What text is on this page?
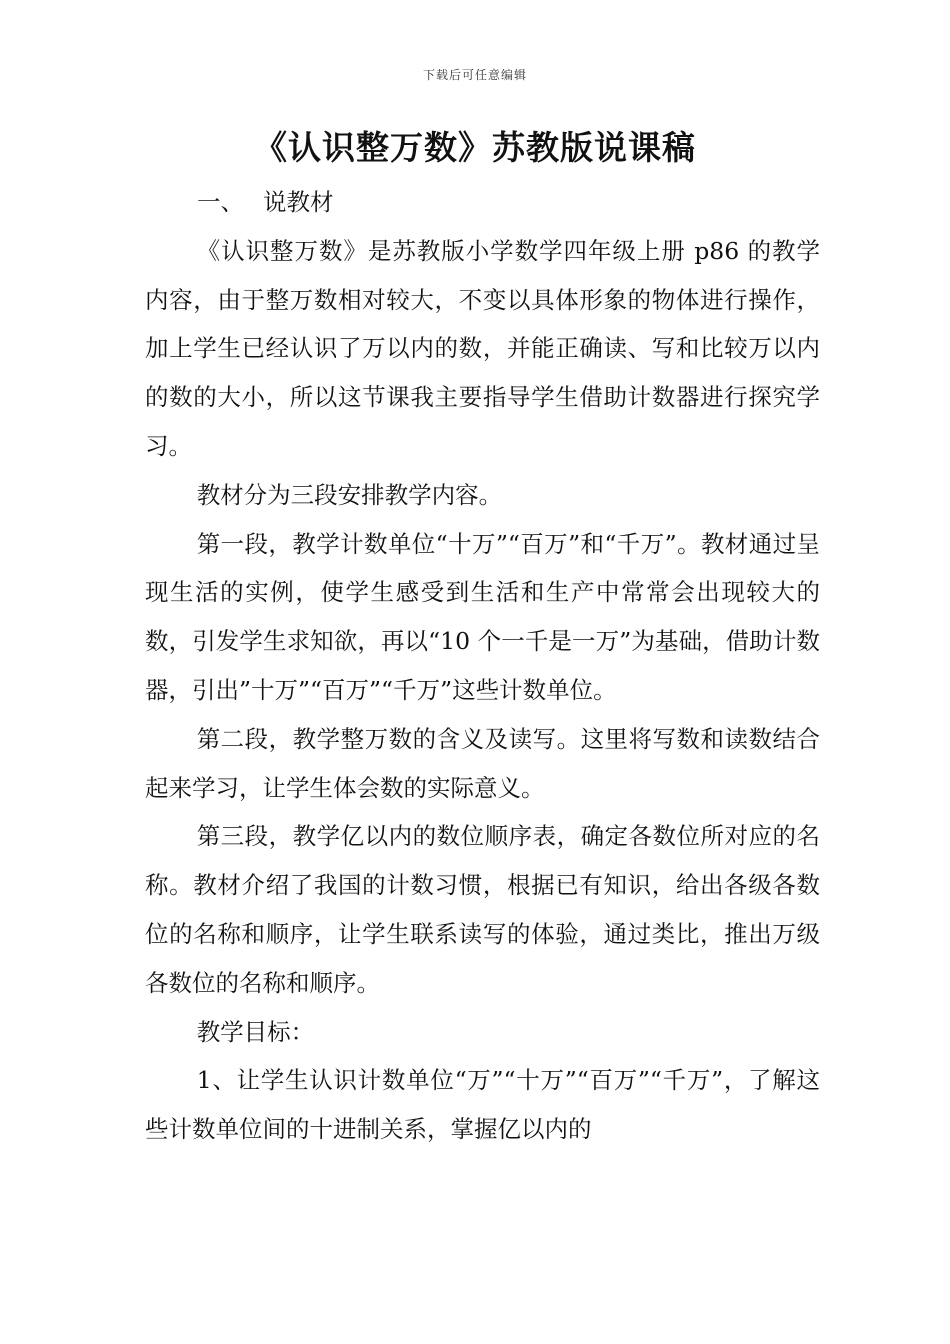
下载后可任意编辑
《认识整万数》苏教版说课稿

一、 说教材

《认识整万数》是苏教版小学数学四年级上册 p86 的教学内容，由于整万数相对较大，不变以具体形象的物体进行操作，加上学生已经认识了万以内的数，并能正确读、写和比较万以内的数的大小，所以这节课我主要指导学生借助计数器进行探究学习。

教材分为三段安排教学内容。

第一段，教学计数单位“十万”“百万”和“千万”。教材通过呈现生活的实例，使学生感受到生活和生产中常常会出现较大的数，引发学生求知欲，再以“10 个一千是一万”为基础，借助计数器，引出”十万”“百万”“千万”这些计数单位。

第二段，教学整万数的含义及读写。这里将写数和读数结合起来学习，让学生体会数的实际意义。

第三段，教学亿以内的数位顺序表，确定各数位所对应的名称。教材介绍了我国的计数习惯，根据已有知识，给出各级各数位的名称和顺序，让学生联系读写的体验，通过类比，推出万级各数位的名称和顺序。

教学目标：

1、让学生认识计数单位“万”“十万”“百万”“千万”，了解这些计数单位间的十进制关系，掌握亿以内的
